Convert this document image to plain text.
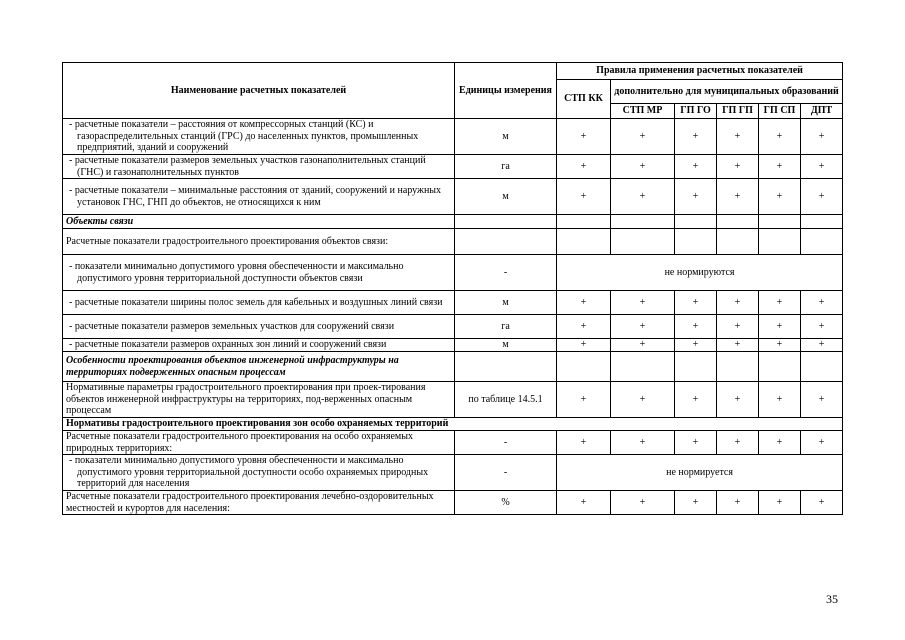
Наименование расчетных показателей	Единицы измерения	Правила применения расчетных показателей					
		СТП КК	дополнительно для муниципальных образований				
			СТП МР	ГП ГО	ГП ГП	ГП СП	ДПТ
- расчетные показатели – расстояния от компрессорных станций (КС) и газораспределительных станций (ГРС) до населенных пунктов, промышленных предприятий, зданий и сооружений	м	+	+	+	+	+	+
- расчетные показатели размеров земельных участков газонаполнительных станций (ГНС) и газонаполнительных пунктов	га	+	+	+	+	+	+
- расчетные показатели – минимальные расстояния от зданий, сооружений и наружных установок ГНС, ГНП до объектов, не относящихся к ним	м	+	+	+	+	+	+
Объекты связи							
Расчетные показатели градостроительного проектирования объектов связи:							
- показатели минимально допустимого уровня обеспеченности и максимально допустимого уровня территориальной доступности объектов связи	-	не нормируются					
- расчетные показатели ширины полос земель для кабельных и воздушных линий связи	м	+	+	+	+	+	+
- расчетные показатели размеров земельных участков для сооружений связи	га	+	+	+	+	+	+
- расчетные показатели размеров охранных зон линий и сооружений связи	м	+	+	+	+	+	+
Особенности проектирования объектов инженерной инфраструктуры на территориях подверженных опасным процессам							
Нормативные параметры градостроительного проектирования при проек-тирования объектов инженерной инфраструктуры на территориях, под-верженных опасным процессам	по таблице 14.5.1	+	+	+	+	+	+
Нормативы градостроительного проектирования зон особо охраняемых территорий							
Расчетные показатели градостроительного проектирования на особо охраняемых природных территориях:	-	+	+	+	+	+	+
- показатели минимально допустимого уровня обеспеченности и максимально допустимого уровня территориальной доступности особо охраняемых природных территорий для населения	-	не нормируется					
Расчетные показатели градостроительного проектирования лечебно-оздоровительных местностей и курортов для населения:	%	+	+	+	+	+	+
35
